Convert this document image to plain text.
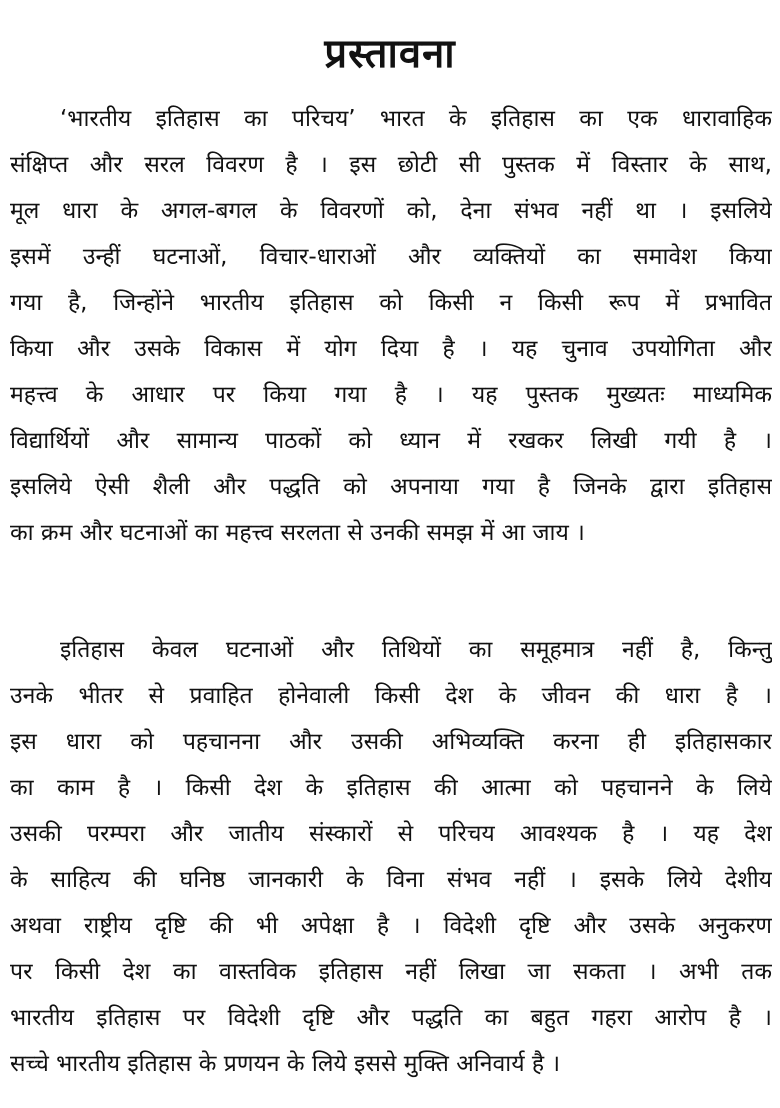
प्रस्तावना

‘भारतीय इतिहास का परिचय’ भारत के इतिहास का एक धारावाहिक
संक्षिप्त और सरल विवरण है । इस छोटी सी पुस्तक में विस्तार के साथ,
मूल धारा के अगल-बगल के विवरणों को, देना संभव नहीं था । इसलिये
इसमें उन्हीं घटनाओं, विचार-धाराओं और व्यक्तियों का समावेश किया
गया है, जिन्होंने भारतीय इतिहास को किसी न किसी रूप में प्रभावित
किया और उसके विकास में योग दिया है । यह चुनाव उपयोगिता और
महत्त्व के आधार पर किया गया है । यह पुस्तक मुख्यतः माध्यमिक
विद्यार्थियों और सामान्य पाठकों को ध्यान में रखकर लिखी गयी है ।
इसलिये ऐसी शैली और पद्धति को अपनाया गया है जिनके द्वारा इतिहास
का क्रम और घटनाओं का महत्त्व सरलता से उनकी समझ में आ जाय ।

इतिहास केवल घटनाओं और तिथियों का समूहमात्र नहीं है, किन्तु
उनके भीतर से प्रवाहित होनेवाली किसी देश के जीवन की धारा है ।
इस धारा को पहचानना और उसकी अभिव्यक्ति करना ही इतिहासकार
का काम है । किसी देश के इतिहास की आत्मा को पहचानने के लिये
उसकी परम्परा और जातीय संस्कारों से परिचय आवश्यक है । यह देश
के साहित्य की घनिष्ठ जानकारी के विना संभव नहीं । इसके लिये देशीय
अथवा राष्ट्रीय दृष्टि की भी अपेक्षा है । विदेशी दृष्टि और उसके अनुकरण
पर किसी देश का वास्तविक इतिहास नहीं लिखा जा सकता । अभी तक
भारतीय इतिहास पर विदेशी दृष्टि और पद्धति का बहुत गहरा आरोप है ।
सच्चे भारतीय इतिहास के प्रणयन के लिये इससे मुक्ति अनिवार्य है ।
